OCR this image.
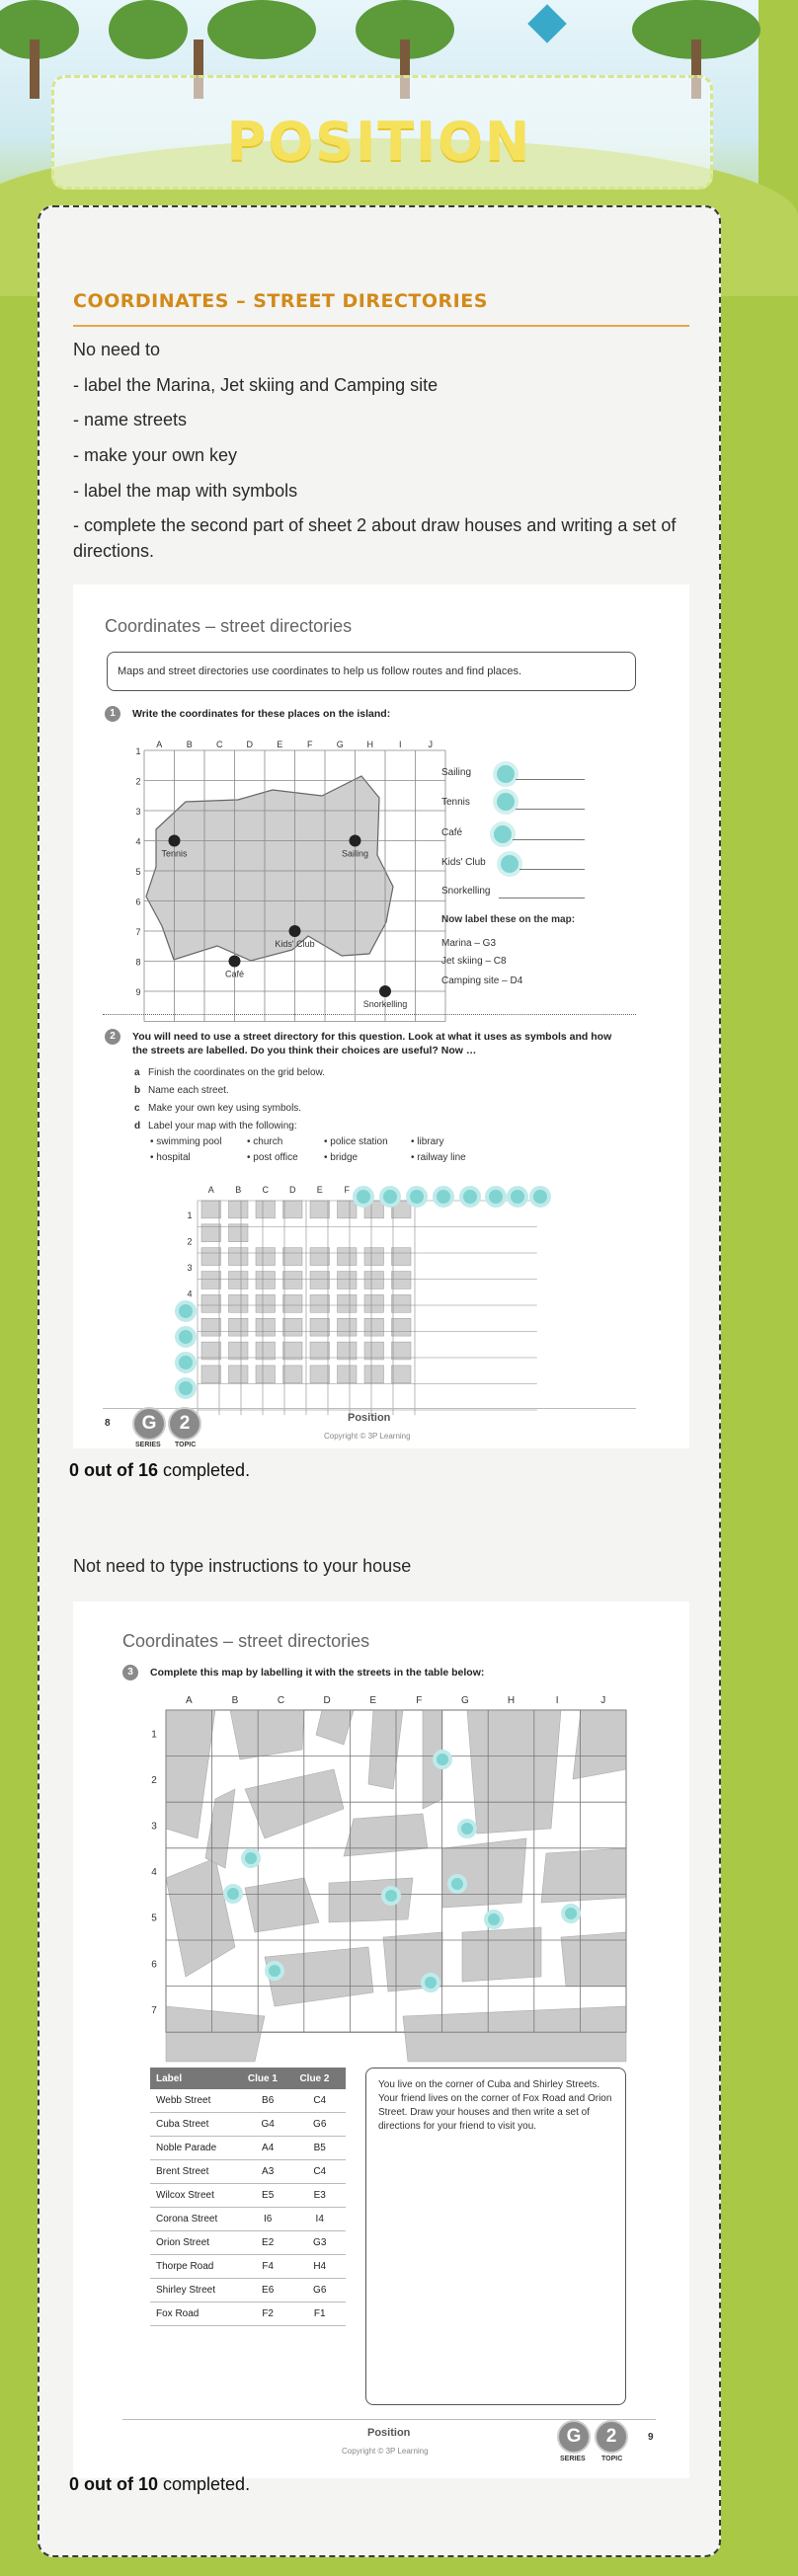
POSITION
COORDINATES – STREET DIRECTORIES
No need to
- label the Marina, Jet skiing and Camping site
- name streets
- make your own key
- label the map with symbols
- complete the second part of sheet 2 about draw houses and writing a set of directions.
Coordinates – street directories
Maps and street directories use coordinates to help us follow routes and find places.
1	Write the coordinates for these places on the island:
A	B	C	D	E	F	G	H	I	J
1
2
3
4
5
6
7
8
9
Tennis	Sailing
Kids' Club
Café
Snorkelling
Sailing
Tennis
Café
Kids' Club
Snorkelling
Now label these on the map:
Marina – G3
Jet skiing – C8
Camping site – D4
2	You will need to use a street directory for this question. Look at what it uses as symbols and how the streets are labelled. Do you think their choices are useful? Now …
a Finish the coordinates on the grid below.
b Name each street.
c Make your own key using symbols.
d Label your map with the following:
• swimming pool	• church	• police station • library
• hospital	• post office	• bridge	• railway line
A B C D E F
1
2
3
4
8	G
SERIES
2
TOPIC
Position
Copyright © 3P Learning
0 out of 16 completed.
Not need to type instructions to your house
Coordinates – street directories
3	Complete this map by labelling it with the streets in the table below:
A	B	C	D	E	F	G	H	I	J
1
2
3
4
5
6
7
Label	Clue 1	Clue 2
Webb Street	B6	C4
Cuba Street	G4	G6
Noble Parade	A4	B5
Brent Street	A3	C4
Wilcox Street	E5	E3
Corona Street	I6	I4
Orion Street	E2	G3
Thorpe Road	F4	H4
Shirley Street	E6	G6
Fox Road	F2	F1
You live on the corner of Cuba and Shirley Streets. Your friend lives on the corner of Fox Road and Orion Street. Draw your houses and then write a set of directions for your friend to visit you.
Position
Copyright © 3P Learning
G
SERIES
2
TOPIC
9
0 out of 10 completed.
